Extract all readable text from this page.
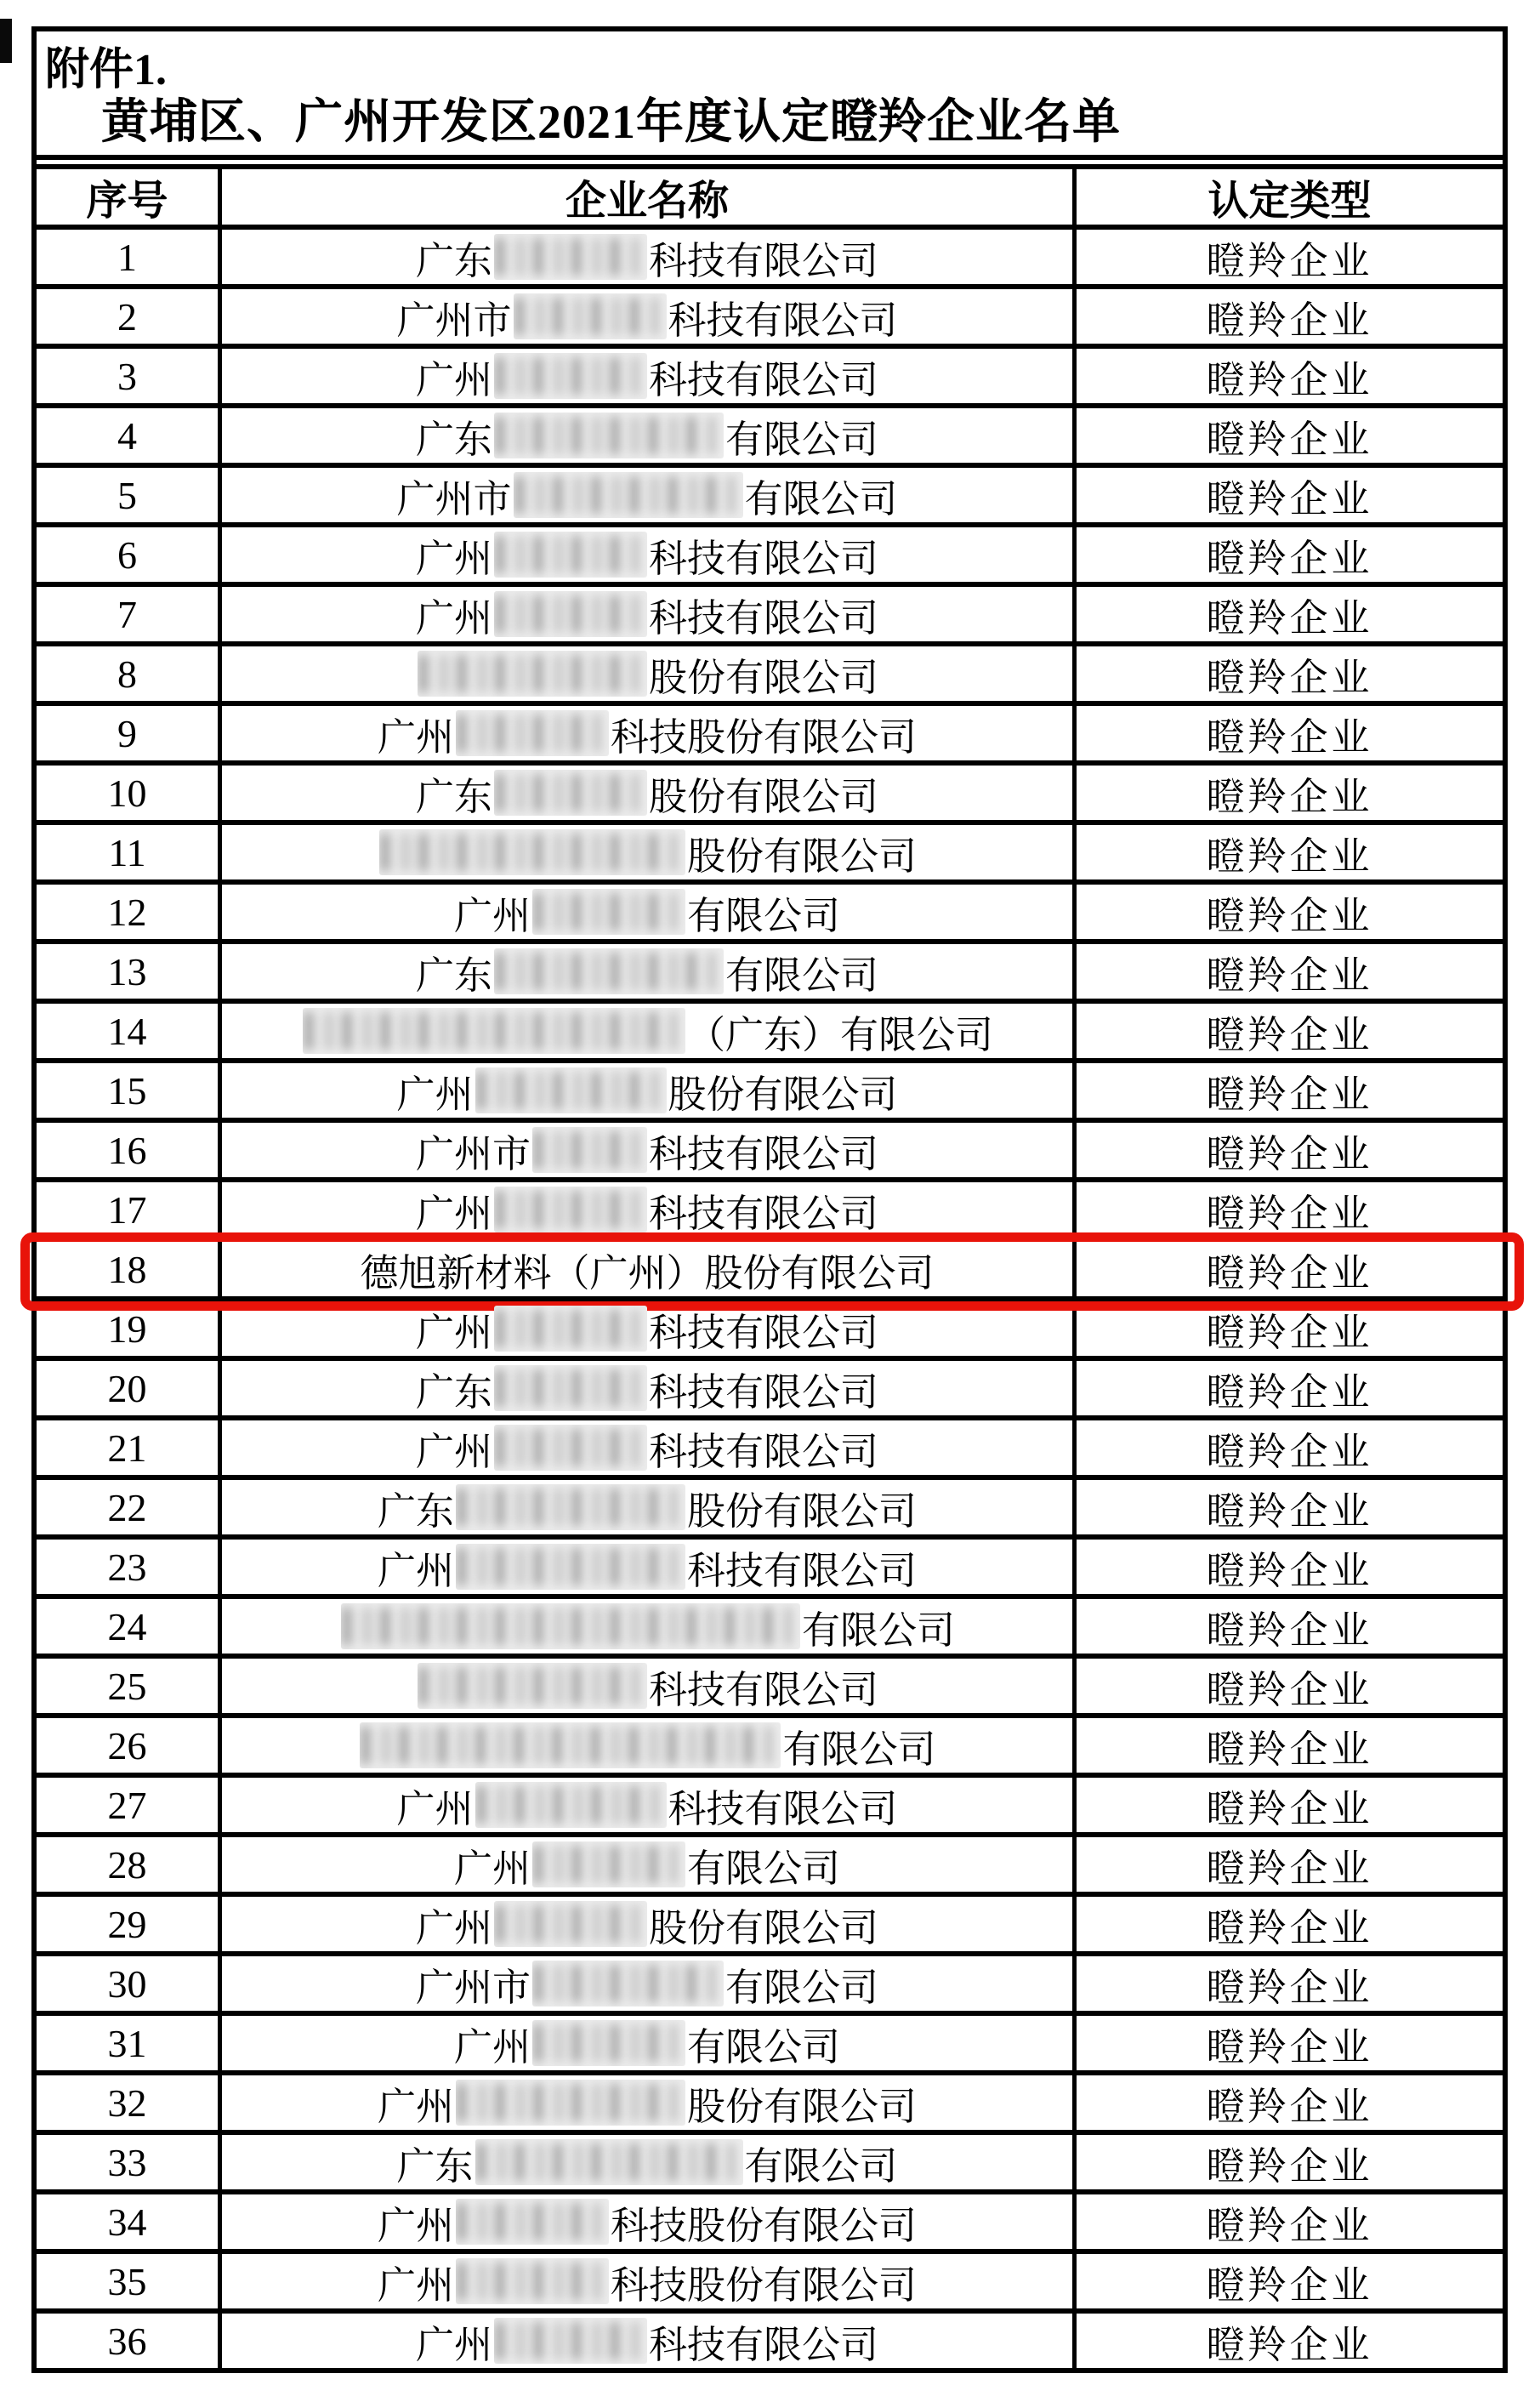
附件1.
黄埔区、广州开发区2021年度认定瞪羚企业名单
序号	企业名称	认定类型
1	广东	科技有限公司	瞪羚企业
2	广州市	科技有限公司	瞪羚企业
3	广州	科技有限公司	瞪羚企业
4	广东	有限公司	瞪羚企业
5	广州市	有限公司	瞪羚企业
6	广州	科技有限公司	瞪羚企业
7	广州	科技有限公司	瞪羚企业
8	股份有限公司	瞪羚企业
9	广州	科技股份有限公司	瞪羚企业
10	广东	股份有限公司	瞪羚企业
11	股份有限公司	瞪羚企业
12	广州	有限公司	瞪羚企业
13	广东	有限公司	瞪羚企业
14	（广东）有限公司	瞪羚企业
15	广州	股份有限公司	瞪羚企业
16	广州市	科技有限公司	瞪羚企业
17	广州	科技有限公司	瞪羚企业
18	德旭新材料（广州）股份有限公司	瞪羚企业
19	广州	科技有限公司	瞪羚企业
20	广东	科技有限公司	瞪羚企业
21	广州	科技有限公司	瞪羚企业
22	广东	股份有限公司	瞪羚企业
23	广州	科技有限公司	瞪羚企业
24	有限公司	瞪羚企业
25	科技有限公司	瞪羚企业
26	有限公司	瞪羚企业
27	广州	科技有限公司	瞪羚企业
28	广州	有限公司	瞪羚企业
29	广州	股份有限公司	瞪羚企业
30	广州市	有限公司	瞪羚企业
31	广州	有限公司	瞪羚企业
32	广州	股份有限公司	瞪羚企业
33	广东	有限公司	瞪羚企业
34	广州	科技股份有限公司	瞪羚企业
35	广州	科技股份有限公司	瞪羚企业
36	广州	科技有限公司	瞪羚企业
